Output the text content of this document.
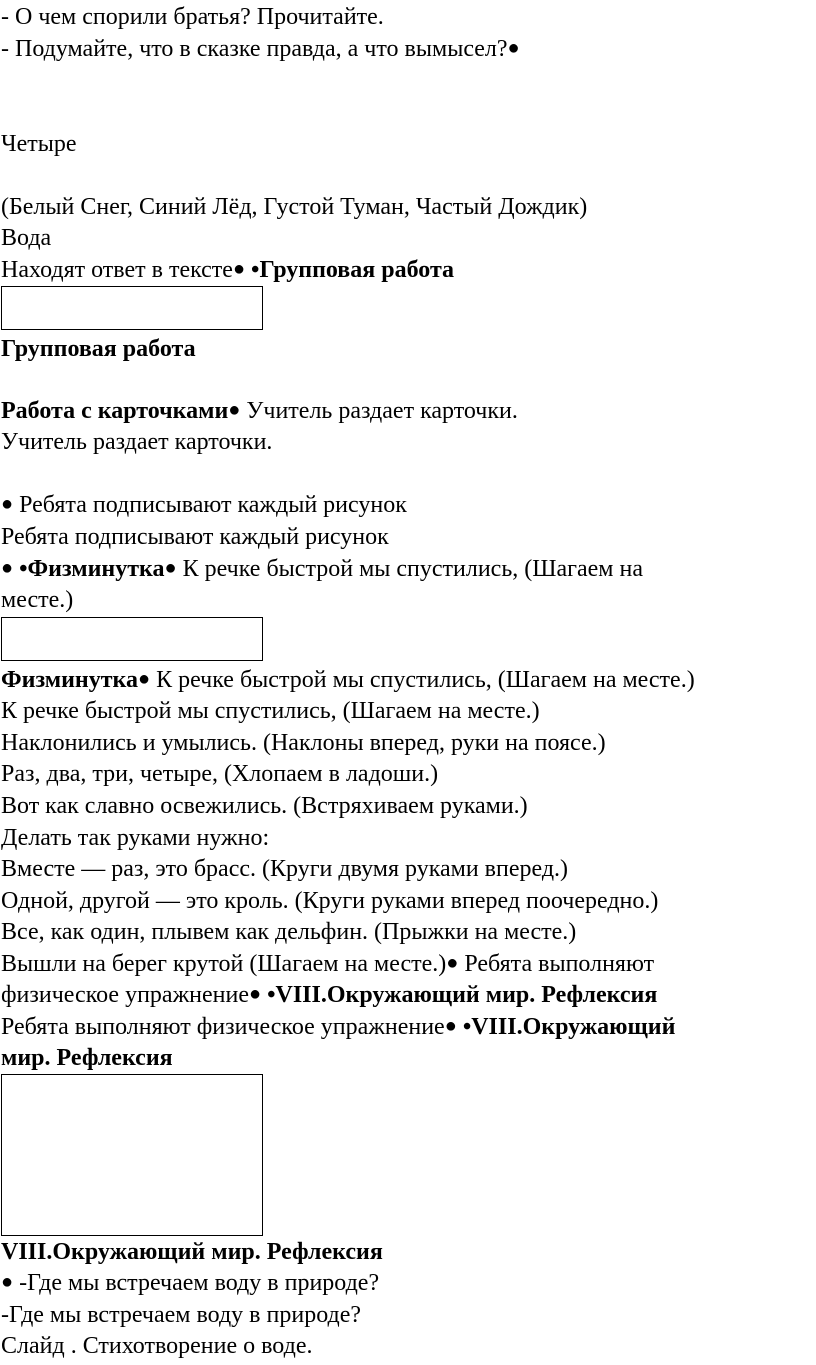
- О чем спорили братья? Прочитайте.
- Подумайте, что в сказке правда, а что вымысел?●
Четыре
(Белый Снег, Синий Лёд, Густой Туман, Частый Дождик)
Вода
Находят ответ в тексте● •Групповая работа
Групповая работа
Работа с карточками● Учитель раздает карточки.
Учитель раздает карточки.
● Ребята подписывают каждый рисунок
Ребята подписывают каждый рисунок
● •Физминутка● К речке быстрой мы спустились, (Шагаем на
месте.)
Физминутка● К речке быстрой мы спустились, (Шагаем на месте.)
К речке быстрой мы спустились, (Шагаем на месте.)
Наклонились и умылись. (Наклоны вперед, руки на поясе.)
Раз, два, три, четыре, (Хлопаем в ладоши.)
Вот как славно освежились. (Встряхиваем руками.)
Делать так руками нужно:
Вместе — раз, это брасс. (Круги двумя руками вперед.)
Одной, другой — это кроль. (Круги руками вперед поочередно.)
Все, как один, плывем как дельфин. (Прыжки на месте.)
Вышли на берег крутой (Шагаем на месте.)● Ребята выполняют
физическое упражнение● •VIII.Окружающий мир. Рефлексия
Ребята выполняют физическое упражнение● •VIII.Окружающий
мир. Рефлексия
VIII.Окружающий мир. Рефлексия
● -Где мы встречаем воду в природе?
-Где мы встречаем воду в природе?
Слайд . Стихотворение о воде.
